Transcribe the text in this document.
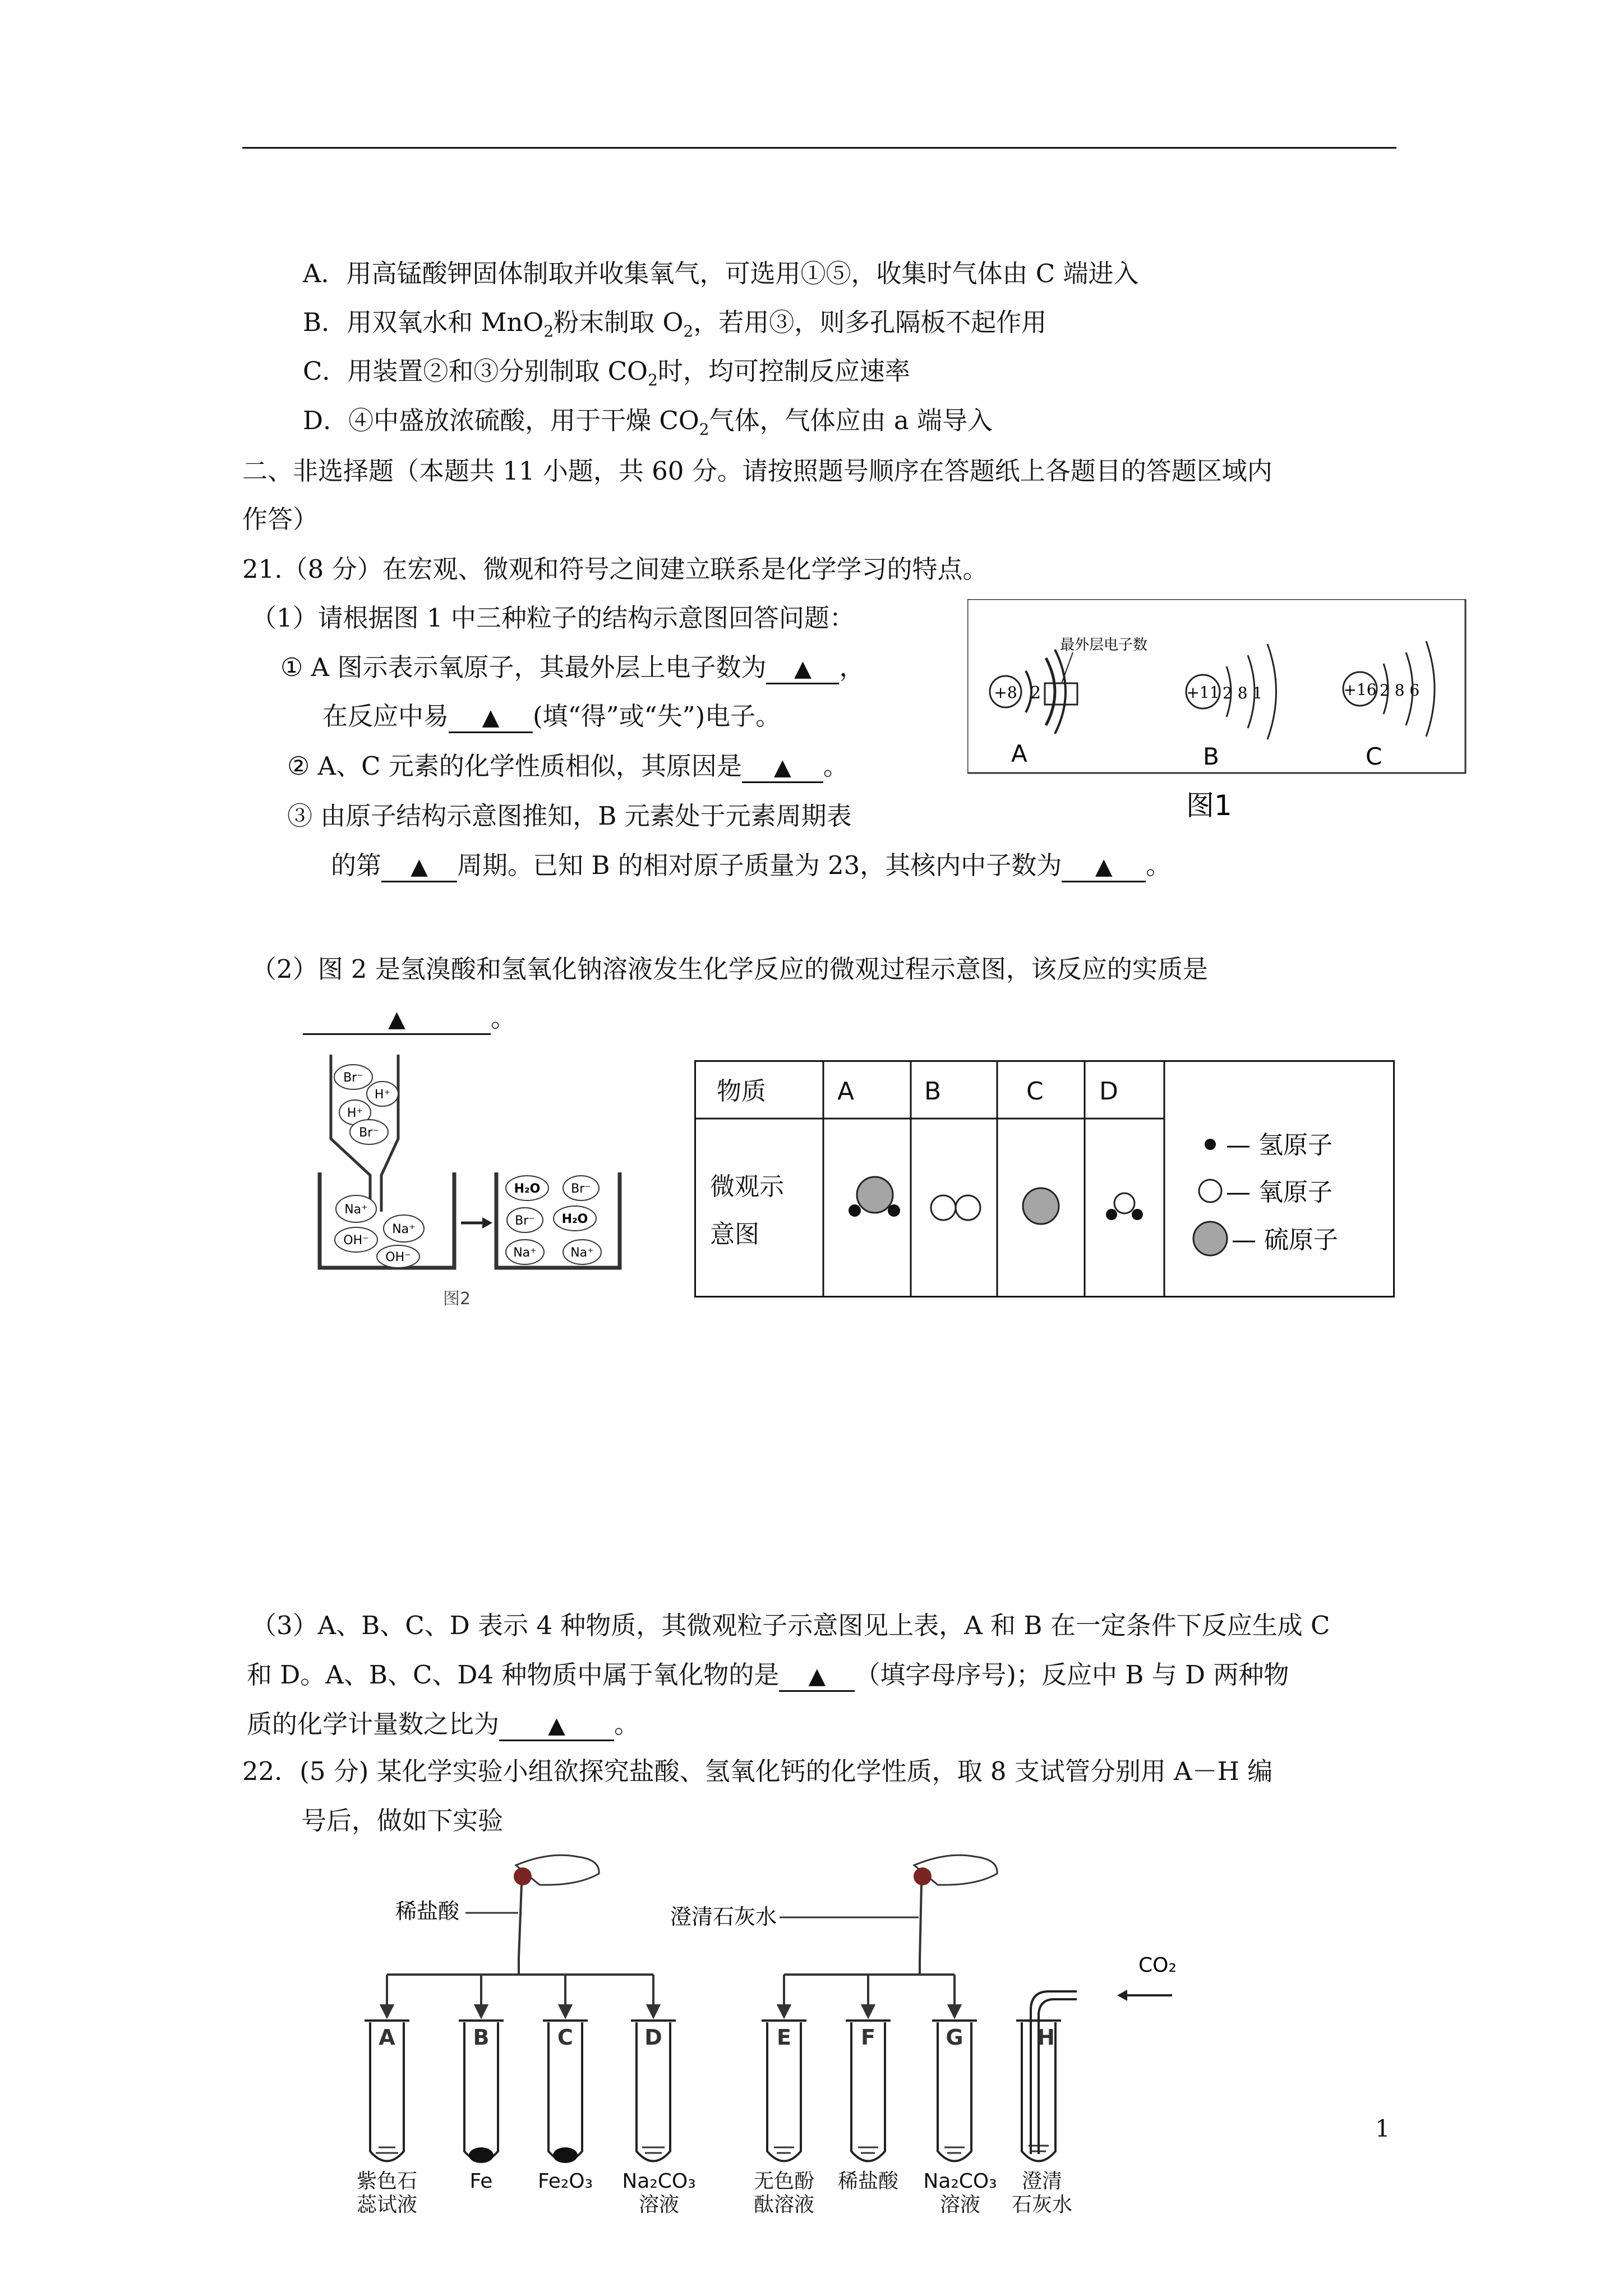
A．用高锰酸钾固体制取并收集氧气，可选用①⑤，收集时气体由 C 端进入
B．用双氧水和 MnO$_2$粉末制取 $O_2$，若用③，则多孔隔板不起作用
C．用装置②和③分别制取 $CO_2$时，均可控制反应速率
D．④中盛放浓硫酸，用于干燥 $CO_2$气体，气体应由 a 端导入
二、非选择题（本题共 11 小题，共 60 分。请按照题号顺序在答题纸上各题目的答题区域内
作答）
21.（8 分）在宏观、微观和符号之间建立联系是化学学习的特点。
（1）请根据图 1 中三种粒子的结构示意图回答问题：
① A 图示表示氧原子，其最外层上电子数为 ▲ ，
在反应中易 ▲ (填“得”或“失”)电子。
② A、C 元素的化学性质相似，其原因是 ▲ 。
③ 由原子结构示意图推知，B 元素处于元素周期表
的第 ▲ 周期。已知 B 的相对原子质量为 23，其核内中子数为 ▲ 。
+8 2
最外层电子数
A
+11 2 8 1
B
+16 2 8 6
C
图1
（2）图 2 是氢溴酸和氢氧化钠溶液发生化学反应的微观过程示意图，该反应的实质是
▲	。
Br⁻
H⁺
H⁺
Br⁻
Na⁺
Na⁺
OH⁻
OH⁻
H₂O Br⁻
Br⁻ H₂O
Na⁺	Na⁺
图2
物质	A	B	C D
微观示
意图
— 氢原子
— 氧原子
— 硫原子
（3）A、B、C、D 表示 4 种物质，其微观粒子示意图见上表，A 和 B 在一定条件下反应生成 C
和 D。A、B、C、D4 种物质中属于氧化物的是 ▲ （填字母序号)；反应中 B 与 D 两种物
质的化学计量数之比为 ▲ 。
22．(5 分) 某化学实验小组欲探究盐酸、氢氧化钙的化学性质，取 8 支试管分别用 A－H 编
号后，做如下实验
稀盐酸	澄清石灰水
CO₂
A	B	C	D	E	F	G	H
紫色石
蕊试液
Fe Fe₂O₃ Na₂CO₃
溶液
无色酚
酞溶液
稀盐酸 Na₂CO₃
溶液
澄清
石灰水
1
